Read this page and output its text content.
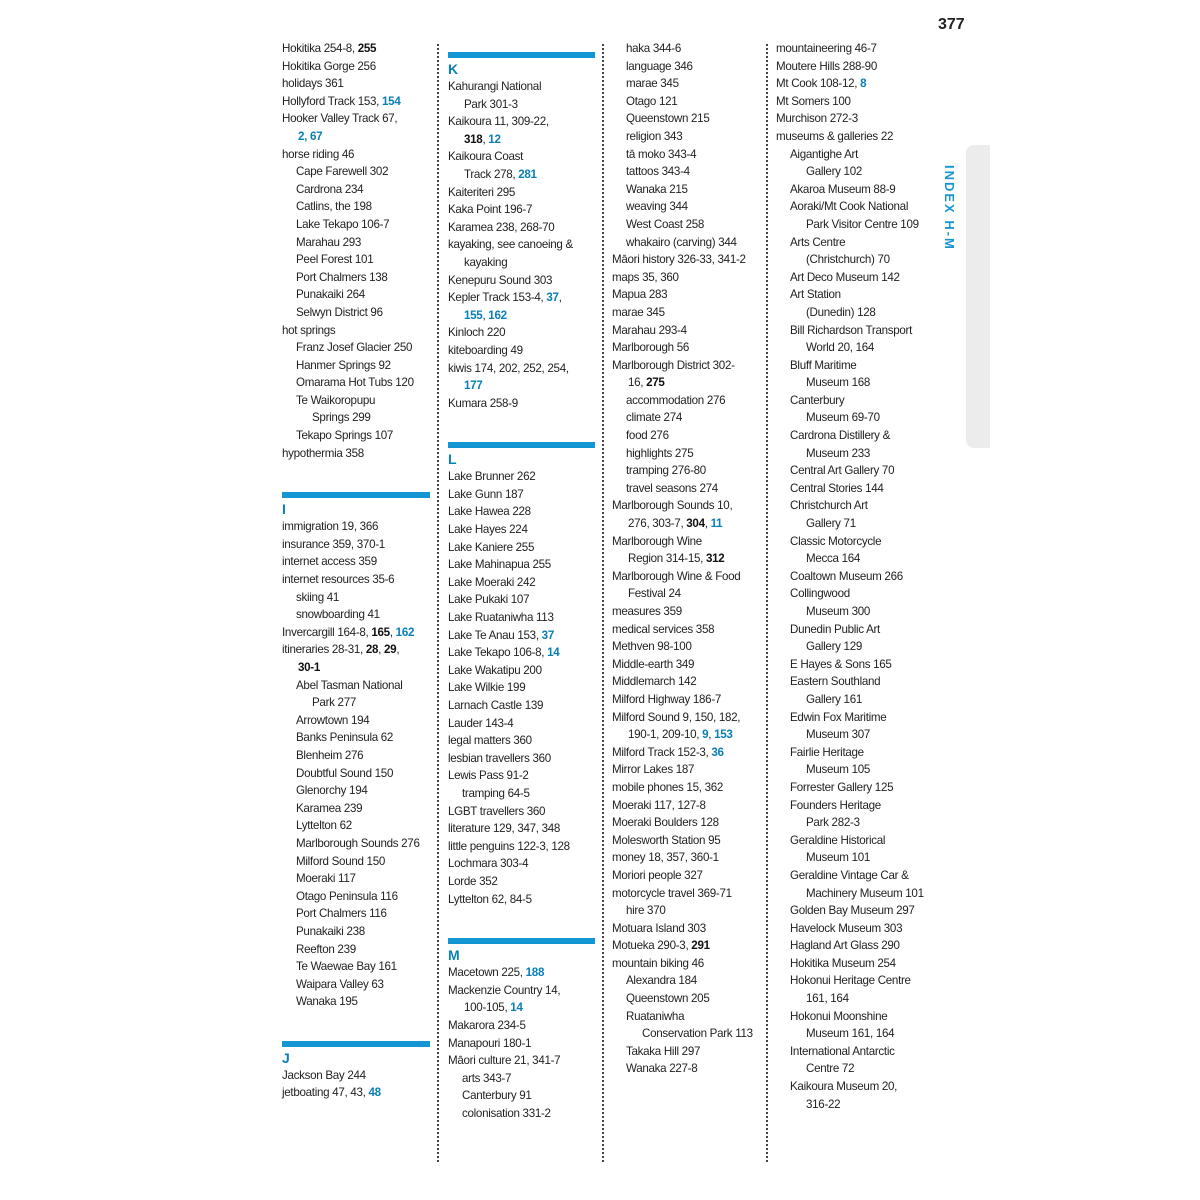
377
INDEX H-M
Hokitika 254-8, 255
Hokitika Gorge 256
holidays 361
Hollyford Track 153, 154
Hooker Valley Track 67,
2, 67
horse riding 46
Cape Farewell 302
Cardrona 234
Catlins, the 198
Lake Tekapo 106-7
Marahau 293
Peel Forest 101
Port Chalmers 138
Punakaiki 264
Selwyn District 96
hot springs
Franz Josef Glacier 250
Hanmer Springs 92
Omarama Hot Tubs 120
Te Waikoropupu
Springs 299
Tekapo Springs 107
hypothermia 358
I
immigration 19, 366
insurance 359, 370-1
internet access 359
internet resources 35-6
skiing 41
snowboarding 41
Invercargill 164-8, 165, 162
itineraries 28-31, 28, 29,
30-1
Abel Tasman National
Park 277
Arrowtown 194
Banks Peninsula 62
Blenheim 276
Doubtful Sound 150
Glenorchy 194
Karamea 239
Lyttelton 62
Marlborough Sounds 276
Milford Sound 150
Moeraki 117
Otago Peninsula 116
Port Chalmers 116
Punakaiki 238
Reefton 239
Te Waewae Bay 161
Waipara Valley 63
Wanaka 195
J
Jackson Bay 244
jetboating 47, 43, 48
K
Kahurangi National
Park 301-3
Kaikoura 11, 309-22,
318, 12
Kaikoura Coast
Track 278, 281
Kaiteriteri 295
Kaka Point 196-7
Karamea 238, 268-70
kayaking, see canoeing &
kayaking
Kenepuru Sound 303
Kepler Track 153-4, 37,
155, 162
Kinloch 220
kiteboarding 49
kiwis 174, 202, 252, 254,
177
Kumara 258-9
L
Lake Brunner 262
Lake Gunn 187
Lake Hawea 228
Lake Hayes 224
Lake Kaniere 255
Lake Mahinapua 255
Lake Moeraki 242
Lake Pukaki 107
Lake Ruataniwha 113
Lake Te Anau 153, 37
Lake Tekapo 106-8, 14
Lake Wakatipu 200
Lake Wilkie 199
Larnach Castle 139
Lauder 143-4
legal matters 360
lesbian travellers 360
Lewis Pass 91-2
tramping 64-5
LGBT travellers 360
literature 129, 347, 348
little penguins 122-3, 128
Lochmara 303-4
Lorde 352
Lyttelton 62, 84-5
M
Macetown 225, 188
Mackenzie Country 14,
100-105, 14
Makarora 234-5
Manapouri 180-1
Māori culture 21, 341-7
arts 343-7
Canterbury 91
colonisation 331-2
haka 344-6
language 346
marae 345
Otago 121
Queenstown 215
religion 343
tā moko 343-4
tattoos 343-4
Wanaka 215
weaving 344
West Coast 258
whakairo (carving) 344
Māori history 326-33, 341-2
maps 35, 360
Mapua 283
marae 345
Marahau 293-4
Marlborough 56
Marlborough District 302-
16, 275
accommodation 276
climate 274
food 276
highlights 275
tramping 276-80
travel seasons 274
Marlborough Sounds 10,
276, 303-7, 304, 11
Marlborough Wine
Region 314-15, 312
Marlborough Wine & Food
Festival 24
measures 359
medical services 358
Methven 98-100
Middle-earth 349
Middlemarch 142
Milford Highway 186-7
Milford Sound 9, 150, 182,
190-1, 209-10, 9, 153
Milford Track 152-3, 36
Mirror Lakes 187
mobile phones 15, 362
Moeraki 117, 127-8
Moeraki Boulders 128
Molesworth Station 95
money 18, 357, 360-1
Moriori people 327
motorcycle travel 369-71
hire 370
Motuara Island 303
Motueka 290-3, 291
mountain biking 46
Alexandra 184
Queenstown 205
Ruataniwha
Conservation Park 113
Takaka Hill 297
Wanaka 227-8
mountaineering 46-7
Moutere Hills 288-90
Mt Cook 108-12, 8
Mt Somers 100
Murchison 272-3
museums & galleries 22
Aigantighe Art
Gallery 102
Akaroa Museum 88-9
Aoraki/Mt Cook National
Park Visitor Centre 109
Arts Centre
(Christchurch) 70
Art Deco Museum 142
Art Station
(Dunedin) 128
Bill Richardson Transport
World 20, 164
Bluff Maritime
Museum 168
Canterbury
Museum 69-70
Cardrona Distillery &
Museum 233
Central Art Gallery 70
Central Stories 144
Christchurch Art
Gallery 71
Classic Motorcycle
Mecca 164
Coaltown Museum 266
Collingwood
Museum 300
Dunedin Public Art
Gallery 129
E Hayes & Sons 165
Eastern Southland
Gallery 161
Edwin Fox Maritime
Museum 307
Fairlie Heritage
Museum 105
Forrester Gallery 125
Founders Heritage
Park 282-3
Geraldine Historical
Museum 101
Geraldine Vintage Car &
Machinery Museum 101
Golden Bay Museum 297
Havelock Museum 303
Hagland Art Glass 290
Hokitika Museum 254
Hokonui Heritage Centre
161, 164
Hokonui Moonshine
Museum 161, 164
International Antarctic
Centre 72
Kaikoura Museum 20,
316-22
